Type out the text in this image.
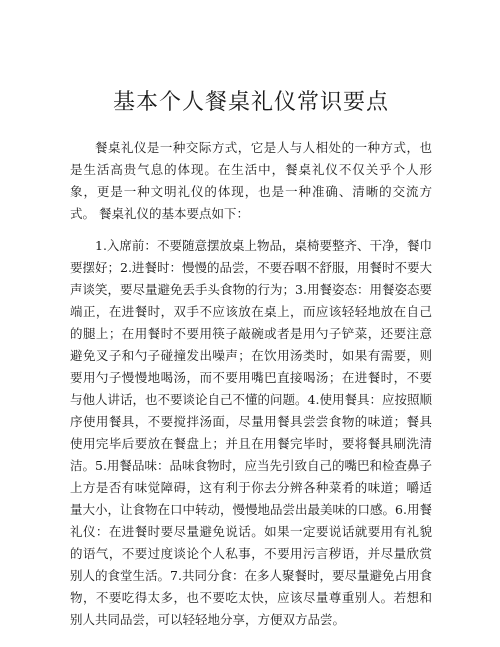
基本个人餐桌礼仪常识要点

餐桌礼仪是一种交际方式，它是人与人相处的一种方式，也是生活高贵气息的体现。在生活中，餐桌礼仪不仅关乎个人形象，更是一种文明礼仪的体现，也是一种准确、清晰的交流方式。 餐桌礼仪的基本要点如下：

1.入席前：不要随意摆放桌上物品，桌椅要整齐、干净，餐巾要摆好；2.进餐时：慢慢的品尝，不要吞咽不舒服，用餐时不要大声谈笑，要尽量避免丢手头食物的行为；3.用餐姿态：用餐姿态要端正，在进餐时，双手不应该放在桌上，而应该轻轻地放在自己的腿上；在用餐时不要用筷子敲碗或者是用勺子铲菜，还要注意避免叉子和勺子碰撞发出噪声；在饮用汤类时，如果有需要，则要用勺子慢慢地喝汤，而不要用嘴巴直接喝汤；在进餐时，不要与他人讲话，也不要谈论自己不懂的问题。4.使用餐具：应按照顺序使用餐具，不要搅拌汤面，尽量用餐具尝尝食物的味道；餐具使用完毕后要放在餐盘上；并且在用餐完毕时，要将餐具刷洗清洁。5.用餐品味：品味食物时，应当先引致自己的嘴巴和检查鼻子上方是否有味觉障碍，这有利于你去分辨各种菜肴的味道；嚼适量大小，让食物在口中转动，慢慢地品尝出最美味的口感。6.用餐礼仪：在进餐时要尽量避免说话。如果一定要说话就要用有礼貌的语气，不要过度谈论个人私事，不要用污言秽语，并尽量欣赏别人的食堂生活。7.共同分食：在多人聚餐时，要尽量避免占用食物，不要吃得太多，也不要吃太快，应该尽量尊重别人。若想和别人共同品尝，可以轻轻地分享，方便双方品尝。
